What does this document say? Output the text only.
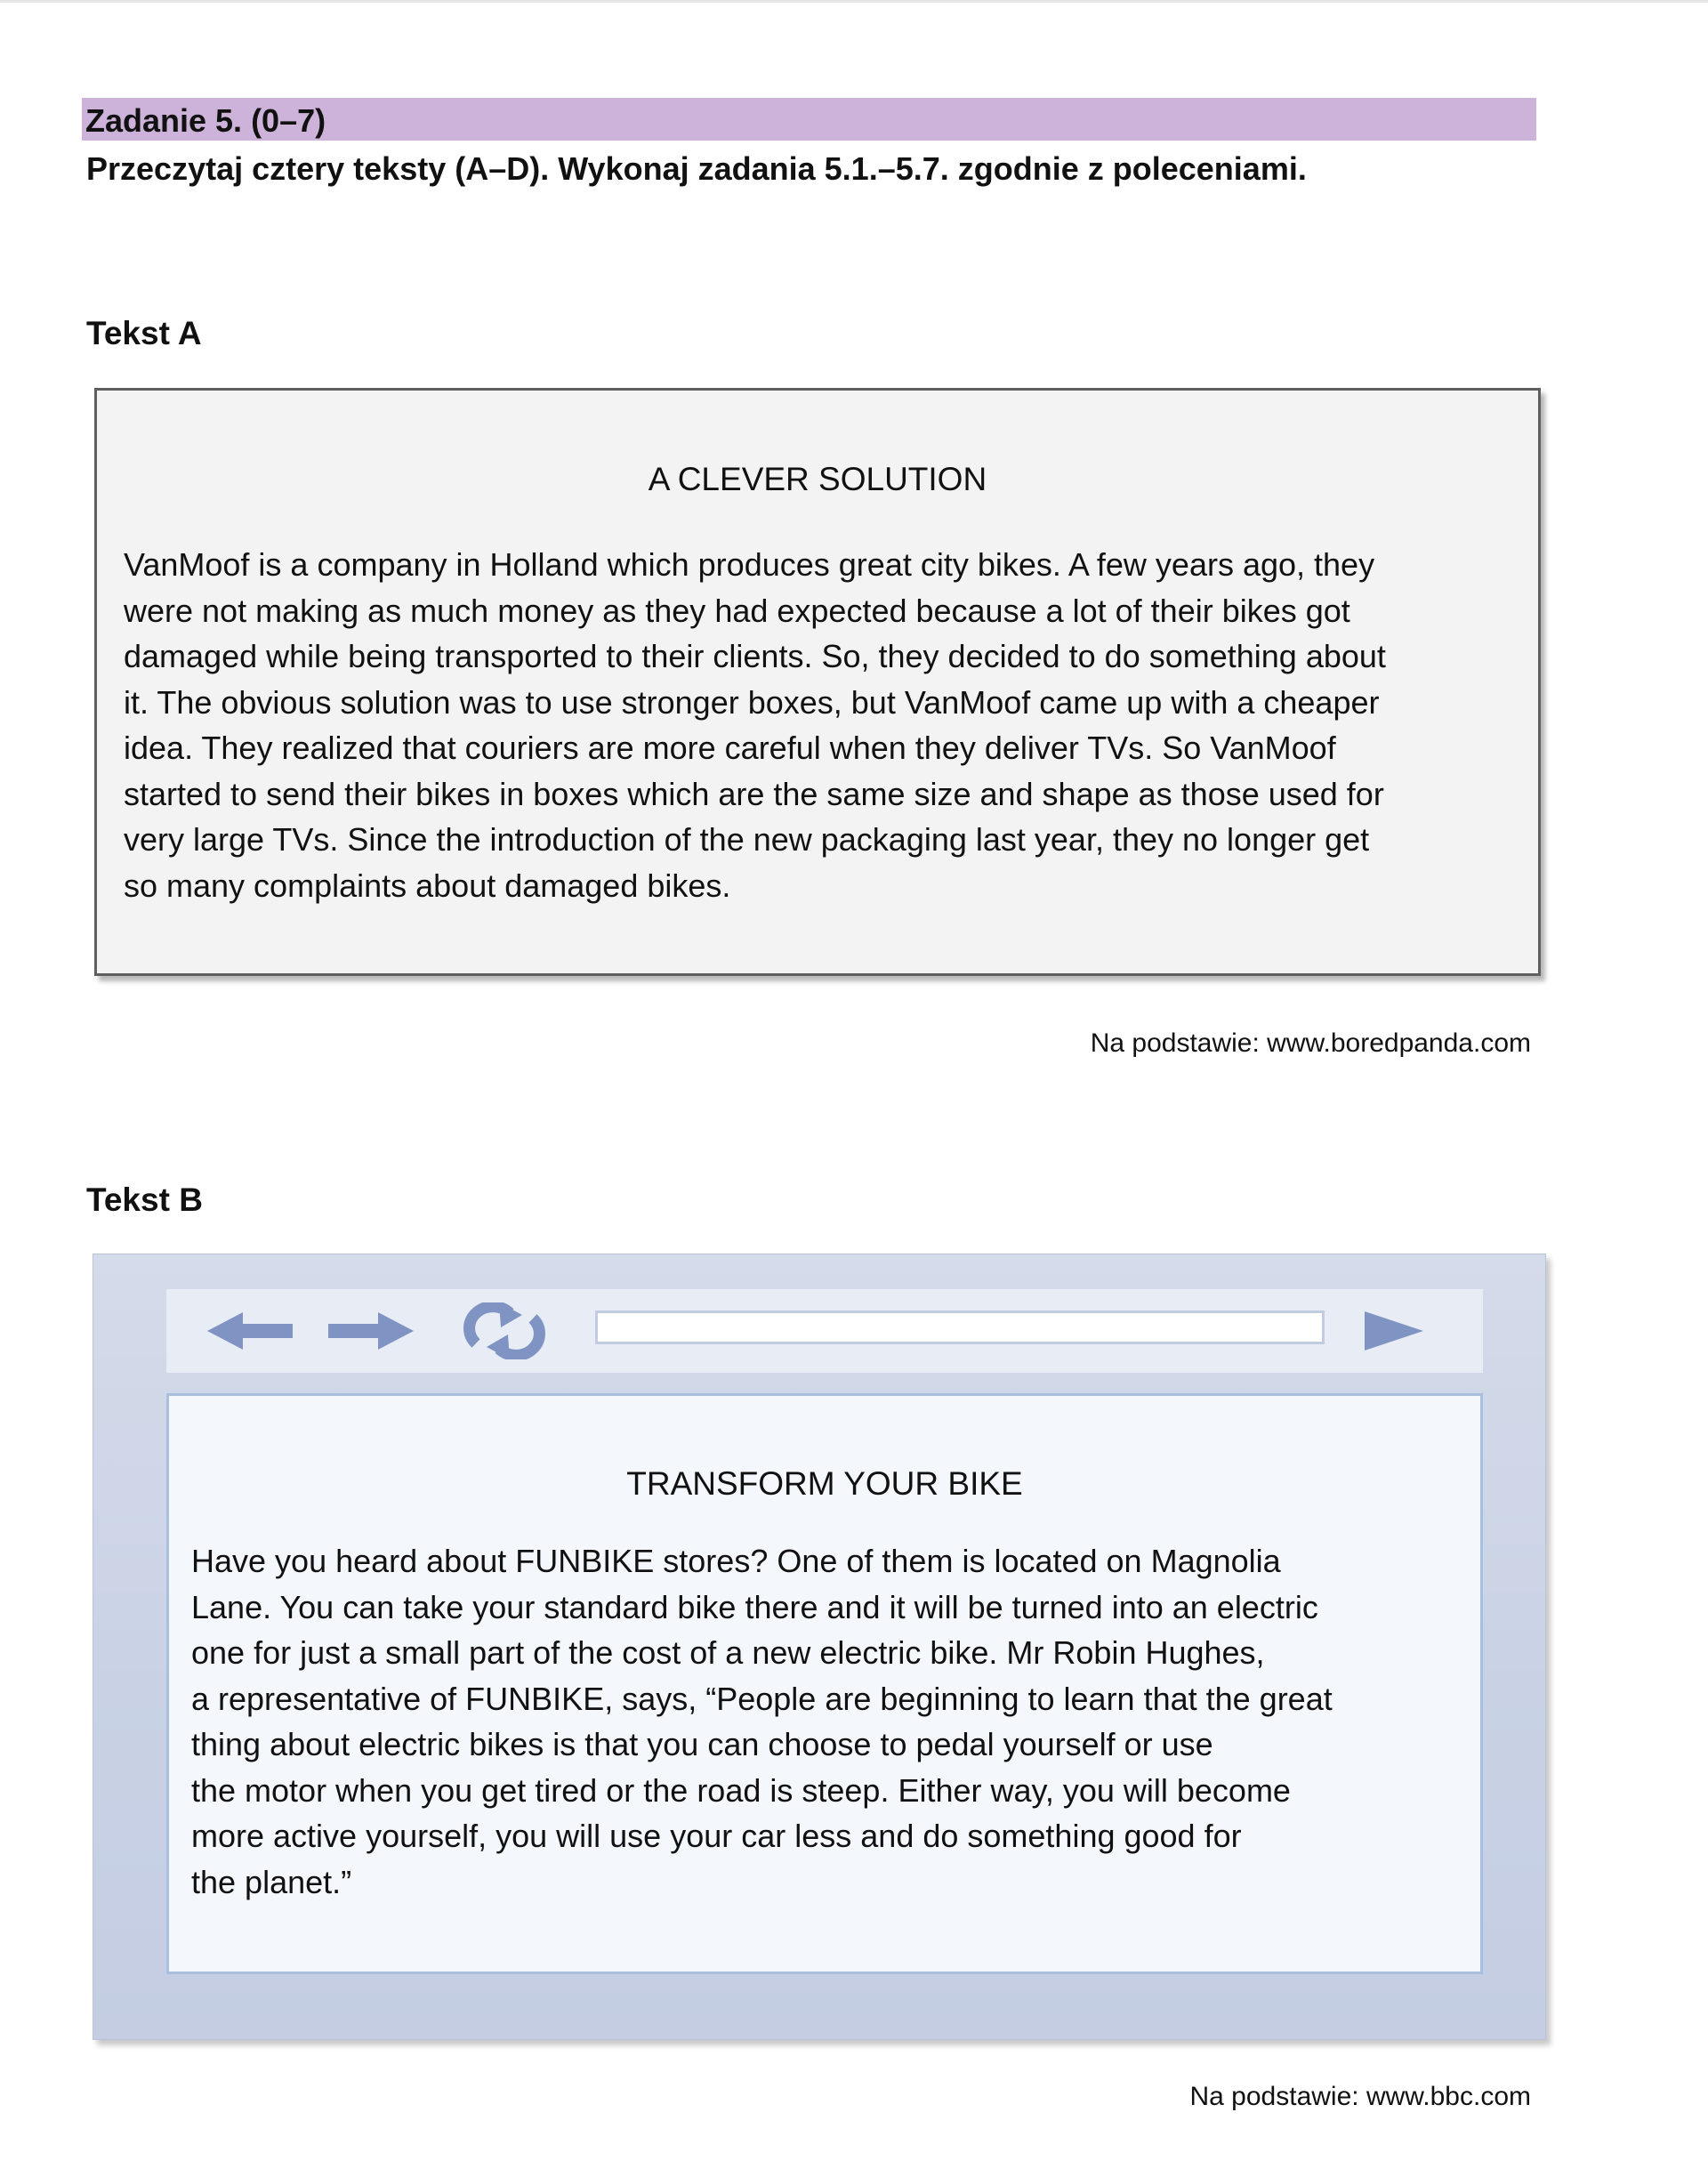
Zadanie 5. (0–7)
Przeczytaj cztery teksty (A–D). Wykonaj zadania 5.1.–5.7. zgodnie z poleceniami.
Tekst A
A CLEVER SOLUTION
VanMoof is a company in Holland which produces great city bikes. A few years ago, they
were not making as much money as they had expected because a lot of their bikes got
damaged while being transported to their clients. So, they decided to do something about
it. The obvious solution was to use stronger boxes, but VanMoof came up with a cheaper
idea. They realized that couriers are more careful when they deliver TVs. So VanMoof
started to send their bikes in boxes which are the same size and shape as those used for
very large TVs. Since the introduction of the new packaging last year, they no longer get
so many complaints about damaged bikes.
Na podstawie: www.boredpanda.com
Tekst B
TRANSFORM YOUR BIKE
Have you heard about FUNBIKE stores? One of them is located on Magnolia
Lane. You can take your standard bike there and it will be turned into an electric
one for just a small part of the cost of a new electric bike. Mr Robin Hughes,
a representative of FUNBIKE, says, “People are beginning to learn that the great
thing about electric bikes is that you can choose to pedal yourself or use
the motor when you get tired or the road is steep. Either way, you will become
more active yourself, you will use your car less and do something good for
the planet.”
Na podstawie: www.bbc.com
